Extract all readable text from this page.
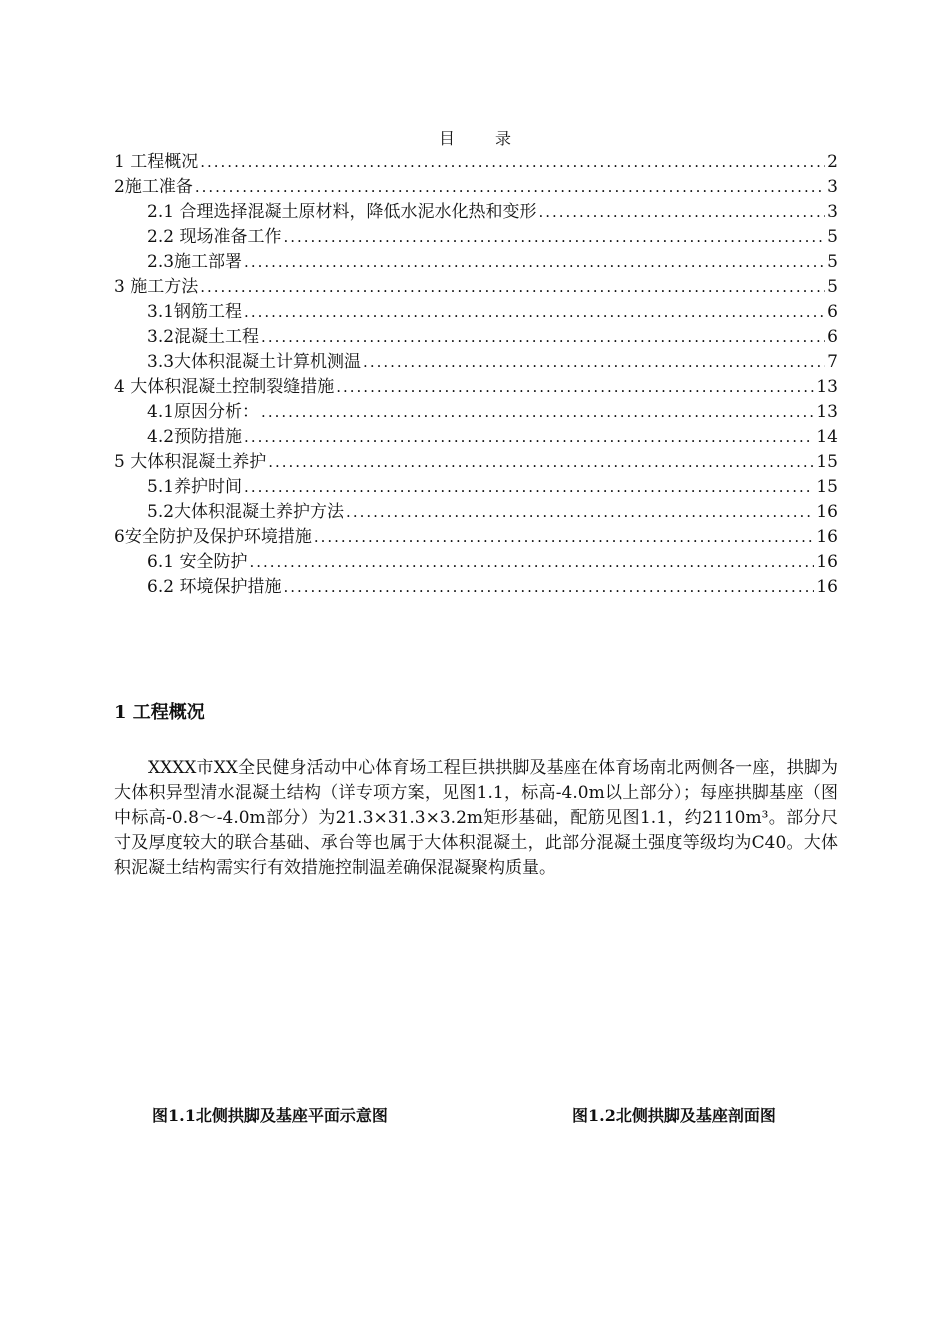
目	录
1 工程概况 .....	2
2施工准备 .....	3
2.1 合理选择混凝土原材料，降低水泥水化热和变形 .....	3
2.2 现场准备工作 .....	5
2.3施工部署 .....	5
3 施工方法 .....	5
3.1钢筋工程 .....	6
3.2混凝土工程 .....	6
3.3大体积混凝土计算机测温 .....	7
4 大体积混凝土控制裂缝措施 .....	13
4.1原因分析： .....	13
4.2预防措施 .....	14
5 大体积混凝土养护 .....	15
5.1养护时间 .....	15
5.2大体积混凝土养护方法 .....	16
6安全防护及保护环境措施 .....	16
6.1 安全防护 .....	16
6.2 环境保护措施 .....	16
1 工程概况

XXXX市XX全民健身活动中心体育场工程巨拱拱脚及基座在体育场南北两侧各一座，拱脚为大体积异型清水混凝土结构（详专项方案，见图1.1，标高-4.0m以上部分）；每座拱脚基座（图中标高-0.8～-4.0m部分）为21.3×31.3×3.2m矩形基础，配筋见图1.1，约2110m³。部分尺寸及厚度较大的联合基础、承台等也属于大体积混凝土，此部分混凝土强度等级均为C40。大体积泥凝土结构需实行有效措施控制温差确保混凝聚构质量。

图1.1北侧拱脚及基座平面示意图	图1.2北侧拱脚及基座剖面图
